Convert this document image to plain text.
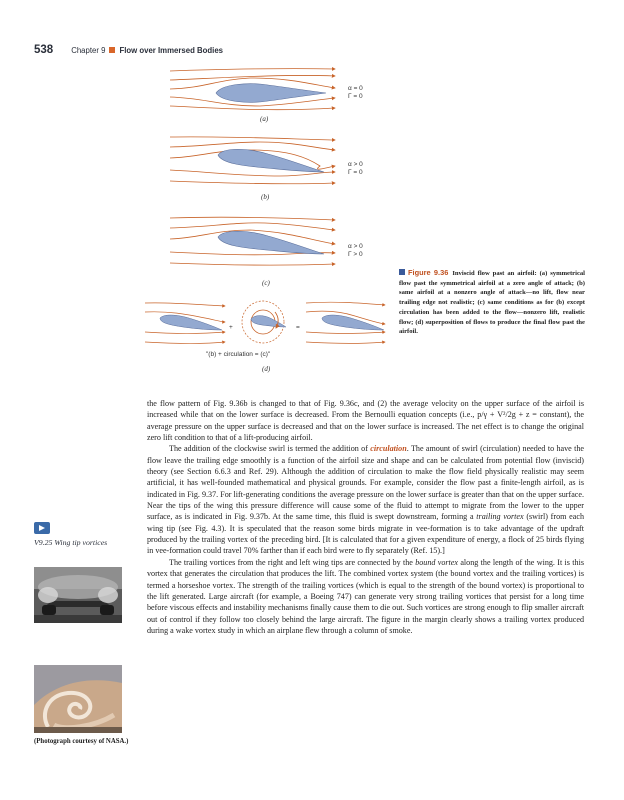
538 Chapter 9 Flow over Immersed Bodies
α = 0
Γ = 0
(a)
α > 0
Γ = 0
(b)
α > 0
Γ > 0
(c)
+	=
"(b) + circulation = (c)"
(d)
Figure 9.36 Inviscid flow past an airfoil: (a) symmetrical flow past the symmetrical airfoil at a zero angle of attack; (b) same airfoil at a nonzero angle of attack—no lift, flow near trailing edge not realistic; (c) same conditions as for (b) except circulation has been added to the flow—nonzero lift, realistic flow; (d) superposition of flows to produce the final flow past the airfoil.
V9.25 Wing tip vortices
(Photograph courtesy of NASA.)

the flow pattern of Fig. 9.36b is changed to that of Fig. 9.36c, and (2) the average velocity on the upper surface of the airfoil is increased while that on the lower surface is decreased. From the Bernoulli equation concepts (i.e., p/γ + V²/2g + z = constant), the average pressure on the upper surface is decreased and that on the lower surface is increased. The net effect is to change the original zero lift condition to that of a lift-producing airfoil.

The addition of the clockwise swirl is termed the addition of circulation. The amount of swirl (circulation) needed to have the flow leave the trailing edge smoothly is a function of the airfoil size and shape and can be calculated from potential flow (inviscid) theory (see Section 6.6.3 and Ref. 29). Although the addition of circulation to make the flow field physically realistic may seem artificial, it has well-founded mathematical and physical grounds. For example, consider the flow past a finite-length airfoil, as is indicated in Fig. 9.37. For lift-generating conditions the average pressure on the lower surface is greater than that on the upper surface. Near the tips of the wing this pressure difference will cause some of the fluid to attempt to migrate from the lower to the upper surface, as is indicated in Fig. 9.37b. At the same time, this fluid is swept downstream, forming a trailing vortex (swirl) from each wing tip (see Fig. 4.3). It is speculated that the reason some birds migrate in vee-formation is to take advantage of the updraft produced by the trailing vortex of the preceding bird. [It is calculated that for a given expenditure of energy, a flock of 25 birds flying in vee-formation could travel 70% farther than if each bird were to fly separately (Ref. 15).]

The trailing vortices from the right and left wing tips are connected by the bound vortex along the length of the wing. It is this vortex that generates the circulation that produces the lift. The combined vortex system (the bound vortex and the trailing vortices) is termed a horseshoe vortex. The strength of the trailing vortices (which is equal to the strength of the bound vortex) is proportional to the lift generated. Large aircraft (for example, a Boeing 747) can generate very strong trailing vortices that persist for a long time before viscous effects and instability mechanisms finally cause them to die out. Such vortices are strong enough to flip smaller aircraft out of control if they follow too closely behind the large aircraft. The figure in the margin clearly shows a trailing vortex produced during a wake vortex study in which an airplane flew through a column of smoke.
